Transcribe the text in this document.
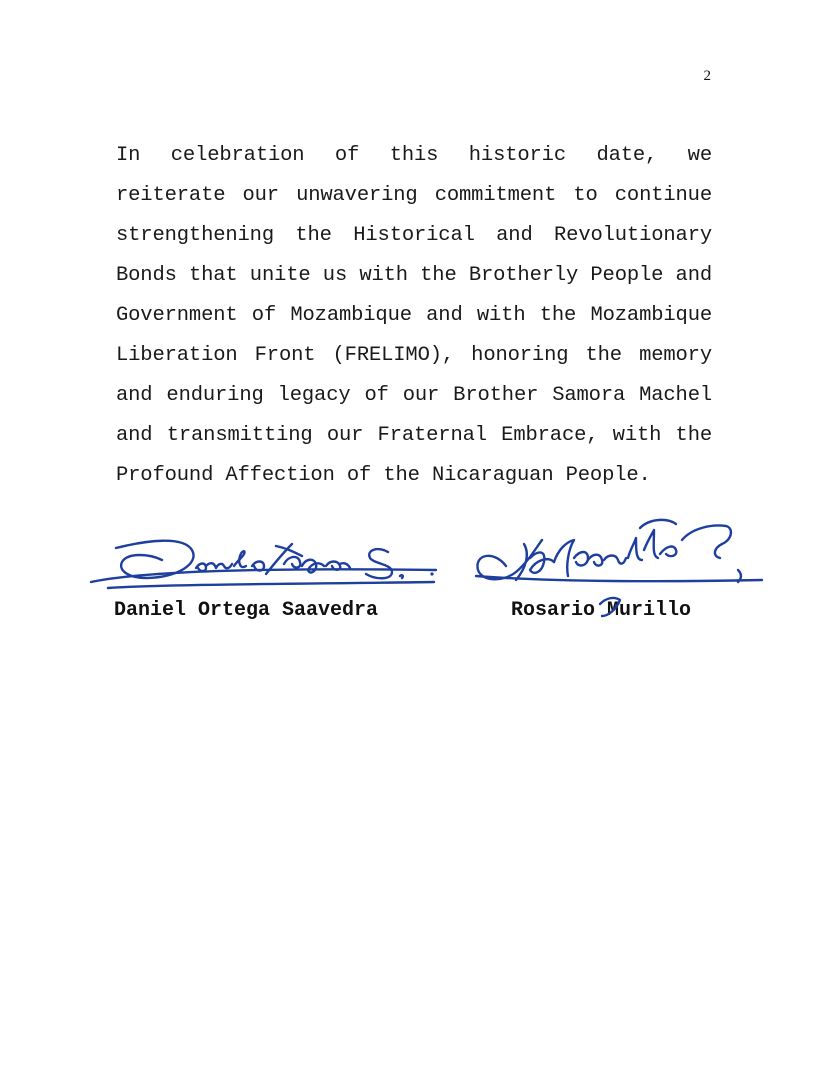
2
In celebration of this historic date, we reiterate our unwavering commitment to continue strengthening the Historical and Revolutionary Bonds that unite us with the Brotherly People and Government of Mozambique and with the Mozambique Liberation Front (FRELIMO), honoring the memory and enduring legacy of our Brother Samora Machel and transmitting our Fraternal Embrace, with the Profound Affection of the Nicaraguan People.
Daniel Ortega Saavedra	Rosario Murillo
